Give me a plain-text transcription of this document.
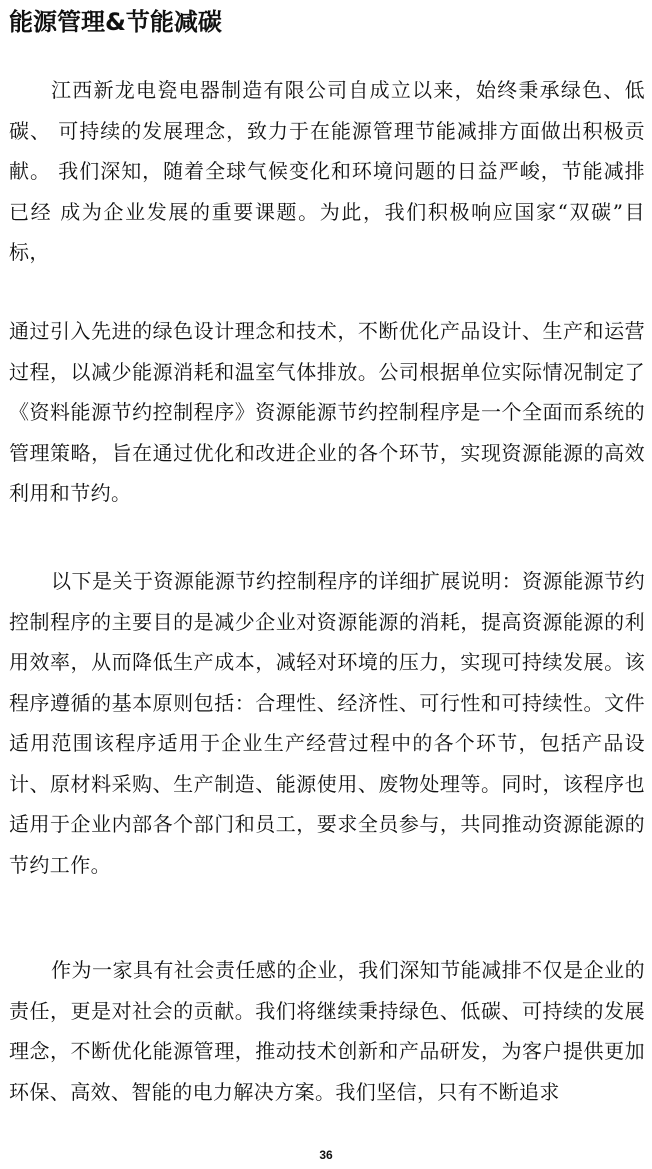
能源管理&节能减碳

江西新龙电瓷电器制造有限公司自成立以来，始终秉承绿色、低碳、 可持续的发展理念，致力于在能源管理节能减排方面做出积极贡献。 我们深知，随着全球气候变化和环境问题的日益严峻，节能减排已经 成为企业发展的重要课题。为此，我们积极响应国家“双碳”目标，

通过引入先进的绿色设计理念和技术，不断优化产品设计、生产和运营过程，以减少能源消耗和温室气体排放。公司根据单位实际情况制定了《资料能源节约控制程序》资源能源节约控制程序是一个全面而系统的管理策略，旨在通过优化和改进企业的各个环节，实现资源能源的高效利用和节约。

以下是关于资源能源节约控制程序的详细扩展说明：资源能源节约控制程序的主要目的是减少企业对资源能源的消耗，提高资源能源的利用效率，从而降低生产成本，减轻对环境的压力，实现可持续发展。该程序遵循的基本原则包括：合理性、经济性、可行性和可持续性。文件适用范围该程序适用于企业生产经营过程中的各个环节，包括产品设计、原材料采购、生产制造、能源使用、废物处理等。同时，该程序也适用于企业内部各个部门和员工，要求全员参与，共同推动资源能源的节约工作。

作为一家具有社会责任感的企业，我们深知节能减排不仅是企业的责任，更是对社会的贡献。我们将继续秉持绿色、低碳、可持续的发展理念，不断优化能源管理，推动技术创新和产品研发，为客户提供更加环保、高效、智能的电力解决方案。我们坚信，只有不断追求

36
